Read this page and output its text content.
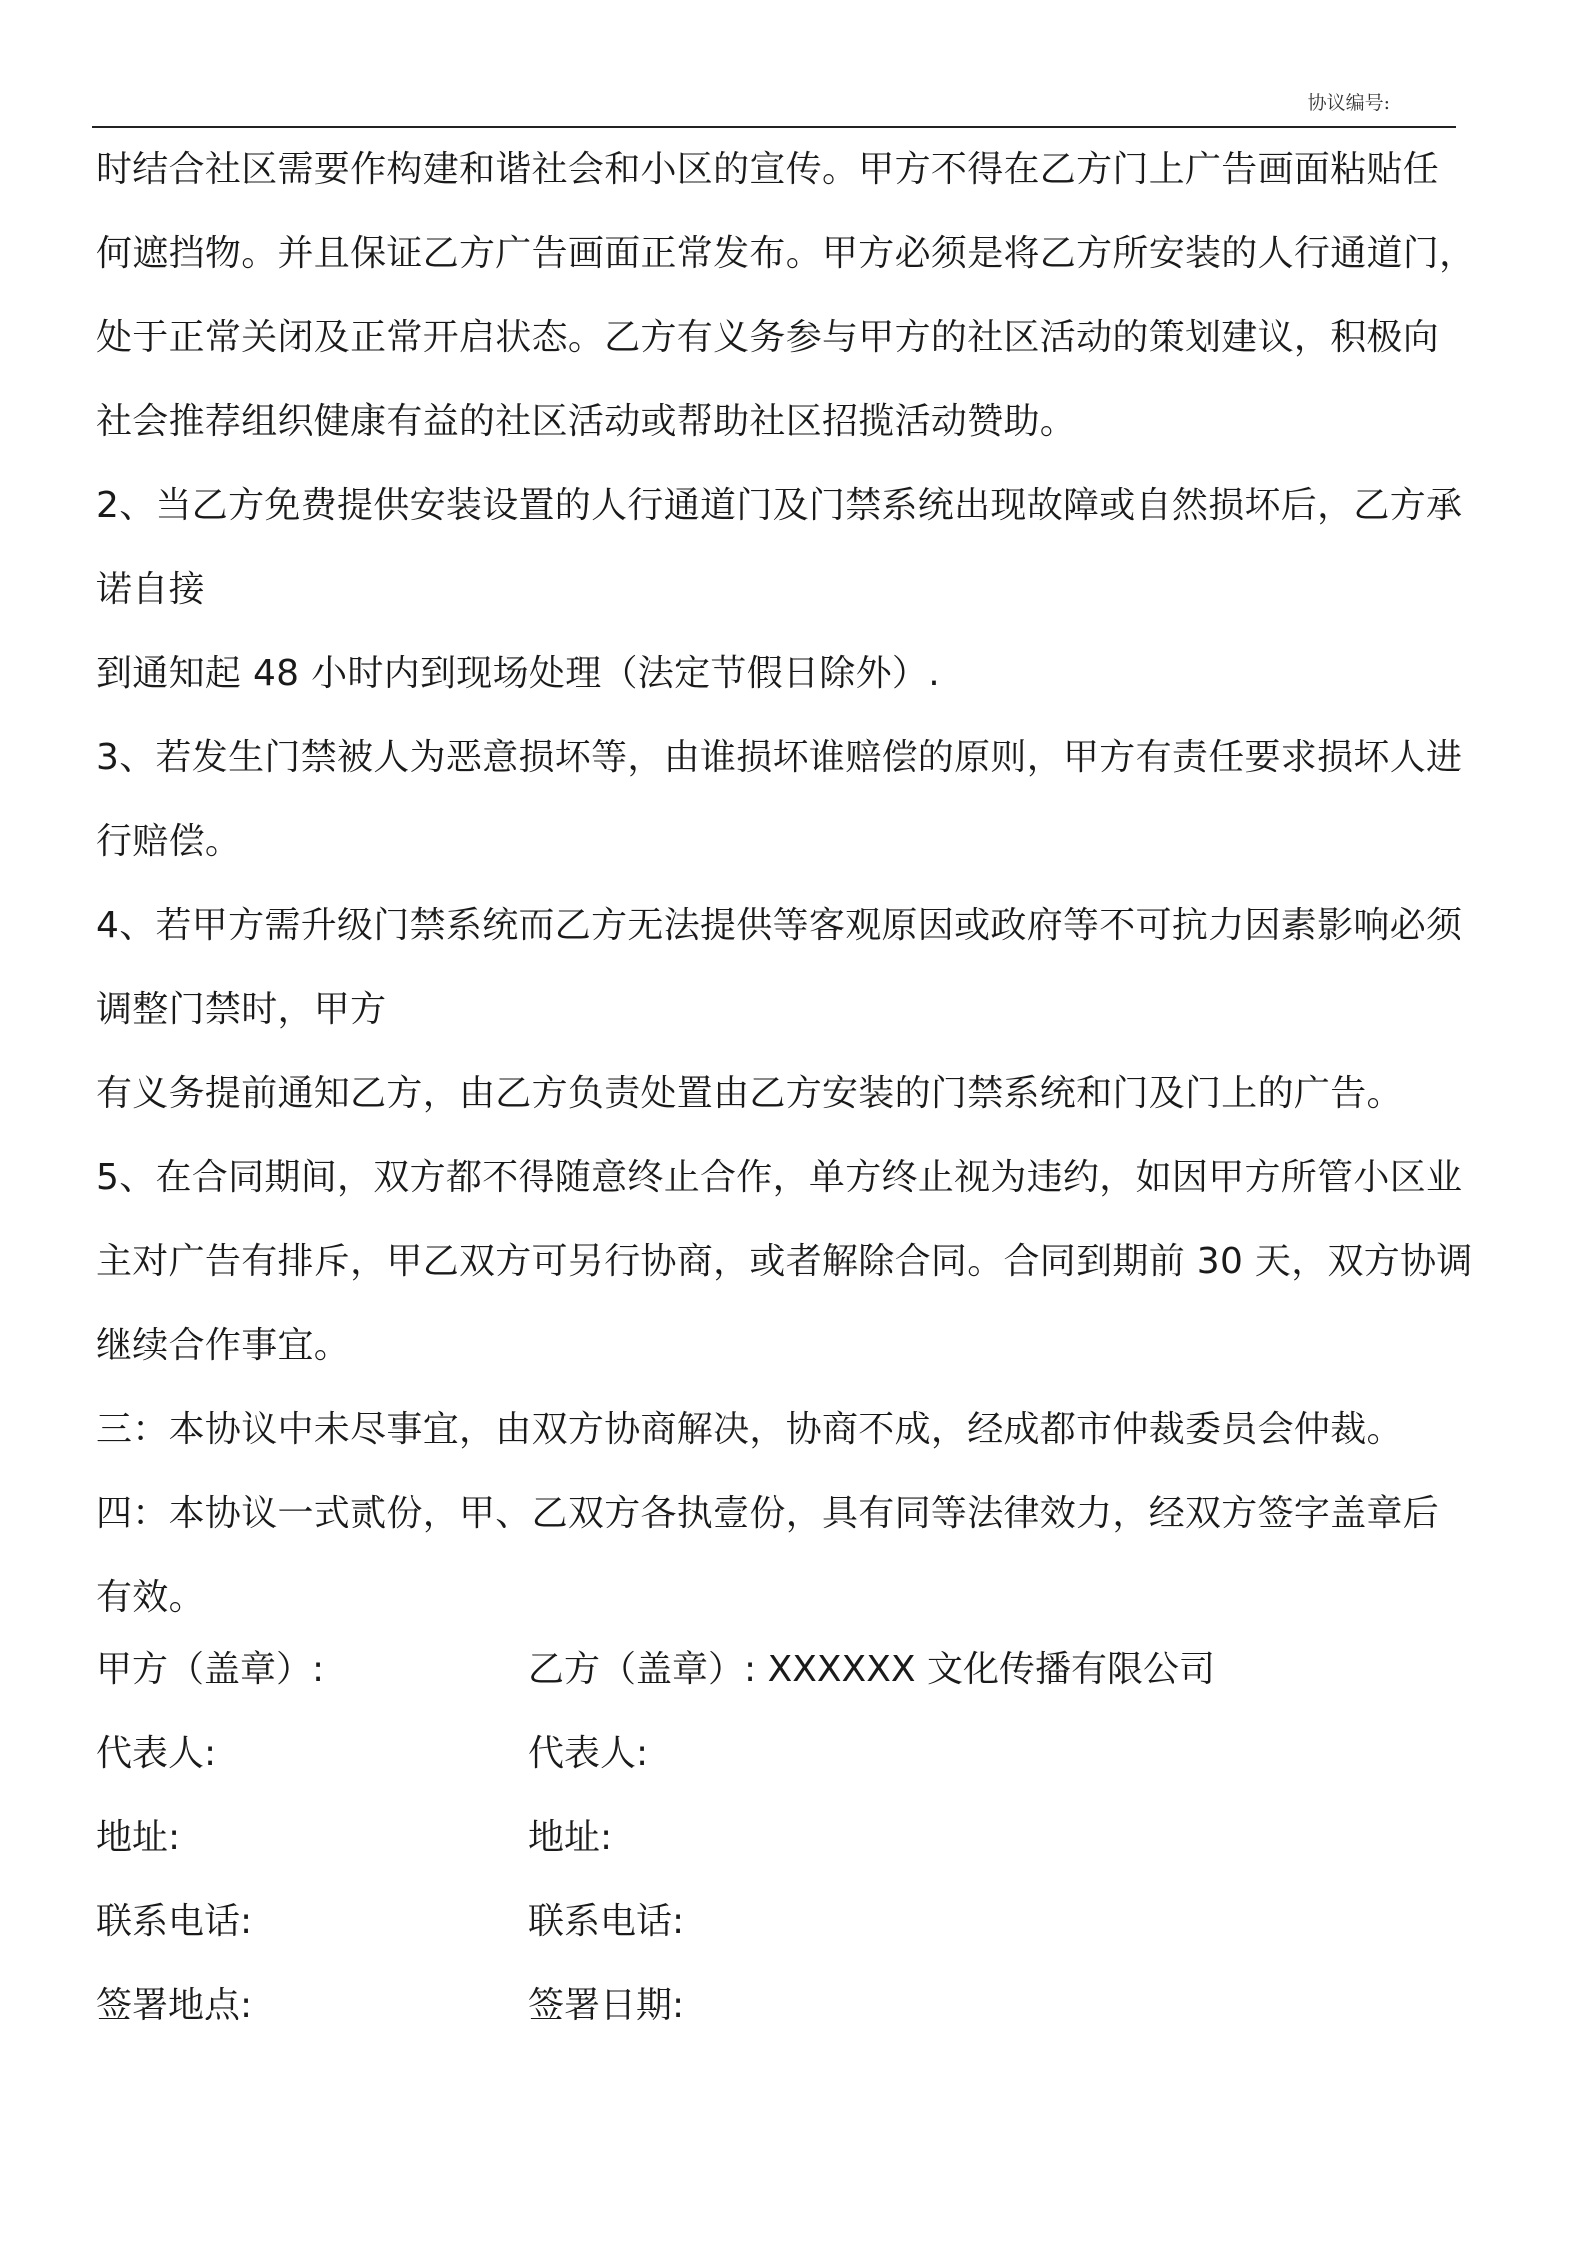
协议编号:
时结合社区需要作构建和谐社会和小区的宣传。甲方不得在乙方门上广告画面粘贴任
何遮挡物。并且保证乙方广告画面正常发布。甲方必须是将乙方所安装的人行通道门，
处于正常关闭及正常开启状态。乙方有义务参与甲方的社区活动的策划建议，积极向
社会推荐组织健康有益的社区活动或帮助社区招揽活动赞助。
2、当乙方免费提供安装设置的人行通道门及门禁系统出现故障或自然损坏后，乙方承
诺自接
到通知起 48 小时内到现场处理（法定节假日除外）.
3、若发生门禁被人为恶意损坏等，由谁损坏谁赔偿的原则，甲方有责任要求损坏人进
行赔偿。
4、若甲方需升级门禁系统而乙方无法提供等客观原因或政府等不可抗力因素影响必须
调整门禁时，甲方
有义务提前通知乙方，由乙方负责处置由乙方安装的门禁系统和门及门上的广告。
5、在合同期间，双方都不得随意终止合作，单方终止视为违约，如因甲方所管小区业
主对广告有排斥，甲乙双方可另行协商，或者解除合同。合同到期前 30 天，双方协调
继续合作事宜。
三：本协议中未尽事宜，由双方协商解决，协商不成，经成都市仲裁委员会仲裁。
四：本协议一式贰份，甲、乙双方各执壹份，具有同等法律效力，经双方签字盖章后
有效。
甲方（盖章）:	乙方（盖章）: XXXXXX 文化传播有限公司
代表人:	代表人:
地址:	地址:
联系电话:	联系电话:
签署地点:	签署日期:
